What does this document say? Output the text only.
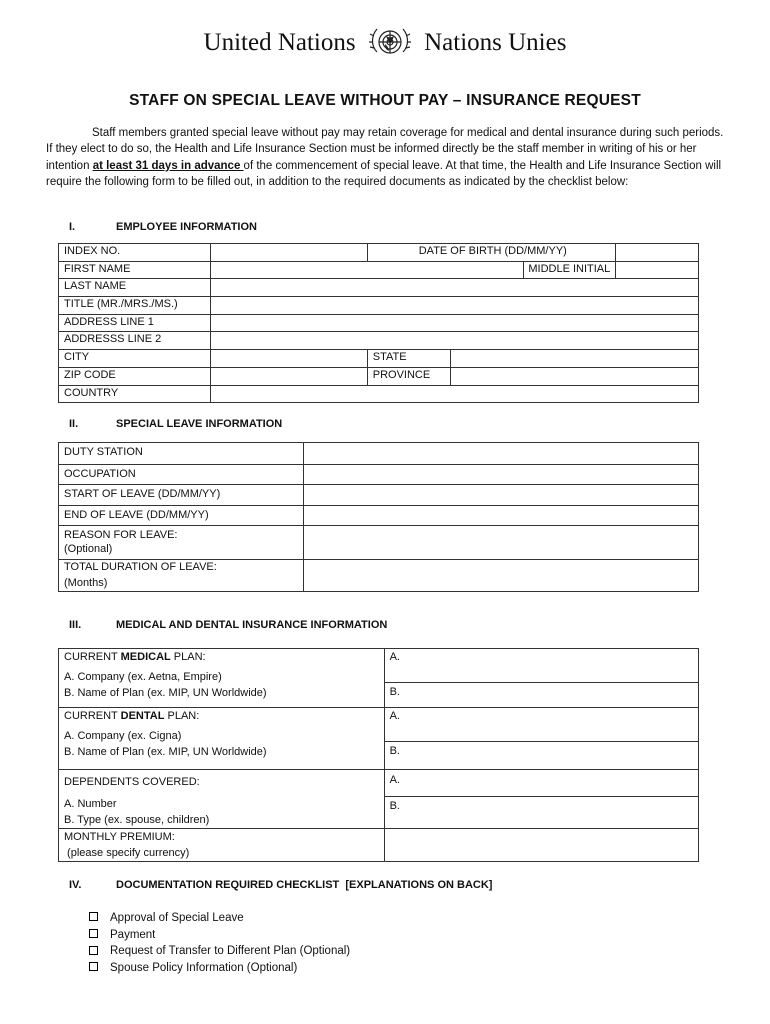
United Nations	Nations Unies
STAFF ON SPECIAL LEAVE WITHOUT PAY – INSURANCE REQUEST
Staff members granted special leave without pay may retain coverage for medical and dental insurance during such periods. If they elect to do so, the Health and Life Insurance Section must be informed directly be the staff member in writing of his or her intention at least 31 days in advance of the commencement of special leave. At that time, the Health and Life Insurance Section will require the following form to be filled out, in addition to the required documents as indicated by the checklist below:
I.	EMPLOYEE INFORMATION
INDEX NO.		DATE OF BIRTH (DD/MM/YY)			
FIRST NAME				MIDDLE INITIAL	
LAST NAME					
TITLE (MR./MRS./MS.)					
ADDRESS LINE 1					
ADDRESSS LINE 2					
CITY		STATE			
ZIP CODE		PROVINCE			
COUNTRY					
II.	SPECIAL LEAVE INFORMATION
DUTY STATION	
OCCUPATION	
START OF LEAVE (DD/MM/YY)	
END OF LEAVE (DD/MM/YY)	

REASON FOR LEAVE:
(Optional)	

TOTAL DURATION OF LEAVE:
(Months)	

III.	MEDICAL AND DENTAL INSURANCE INFORMATION
CURRENT MEDICAL PLAN:
A. Company (ex. Aetna, Empire)
B. Name of Plan (ex. MIP, UN Worldwide)	A.
	B.

CURRENT DENTAL PLAN:
A. Company (ex. Cigna)
B. Name of Plan (ex. MIP, UN Worldwide)	A.
	B.

DEPENDENTS COVERED:
A. Number
B. Type (ex. spouse, children)	A.
	B.

MONTHLY PREMIUM:
(please specify currency)	

IV.	DOCUMENTATION REQUIRED CHECKLIST  [EXPLANATIONS ON BACK]
Approval of Special Leave
Payment
Request of Transfer to Different Plan (Optional)
Spouse Policy Information (Optional)
